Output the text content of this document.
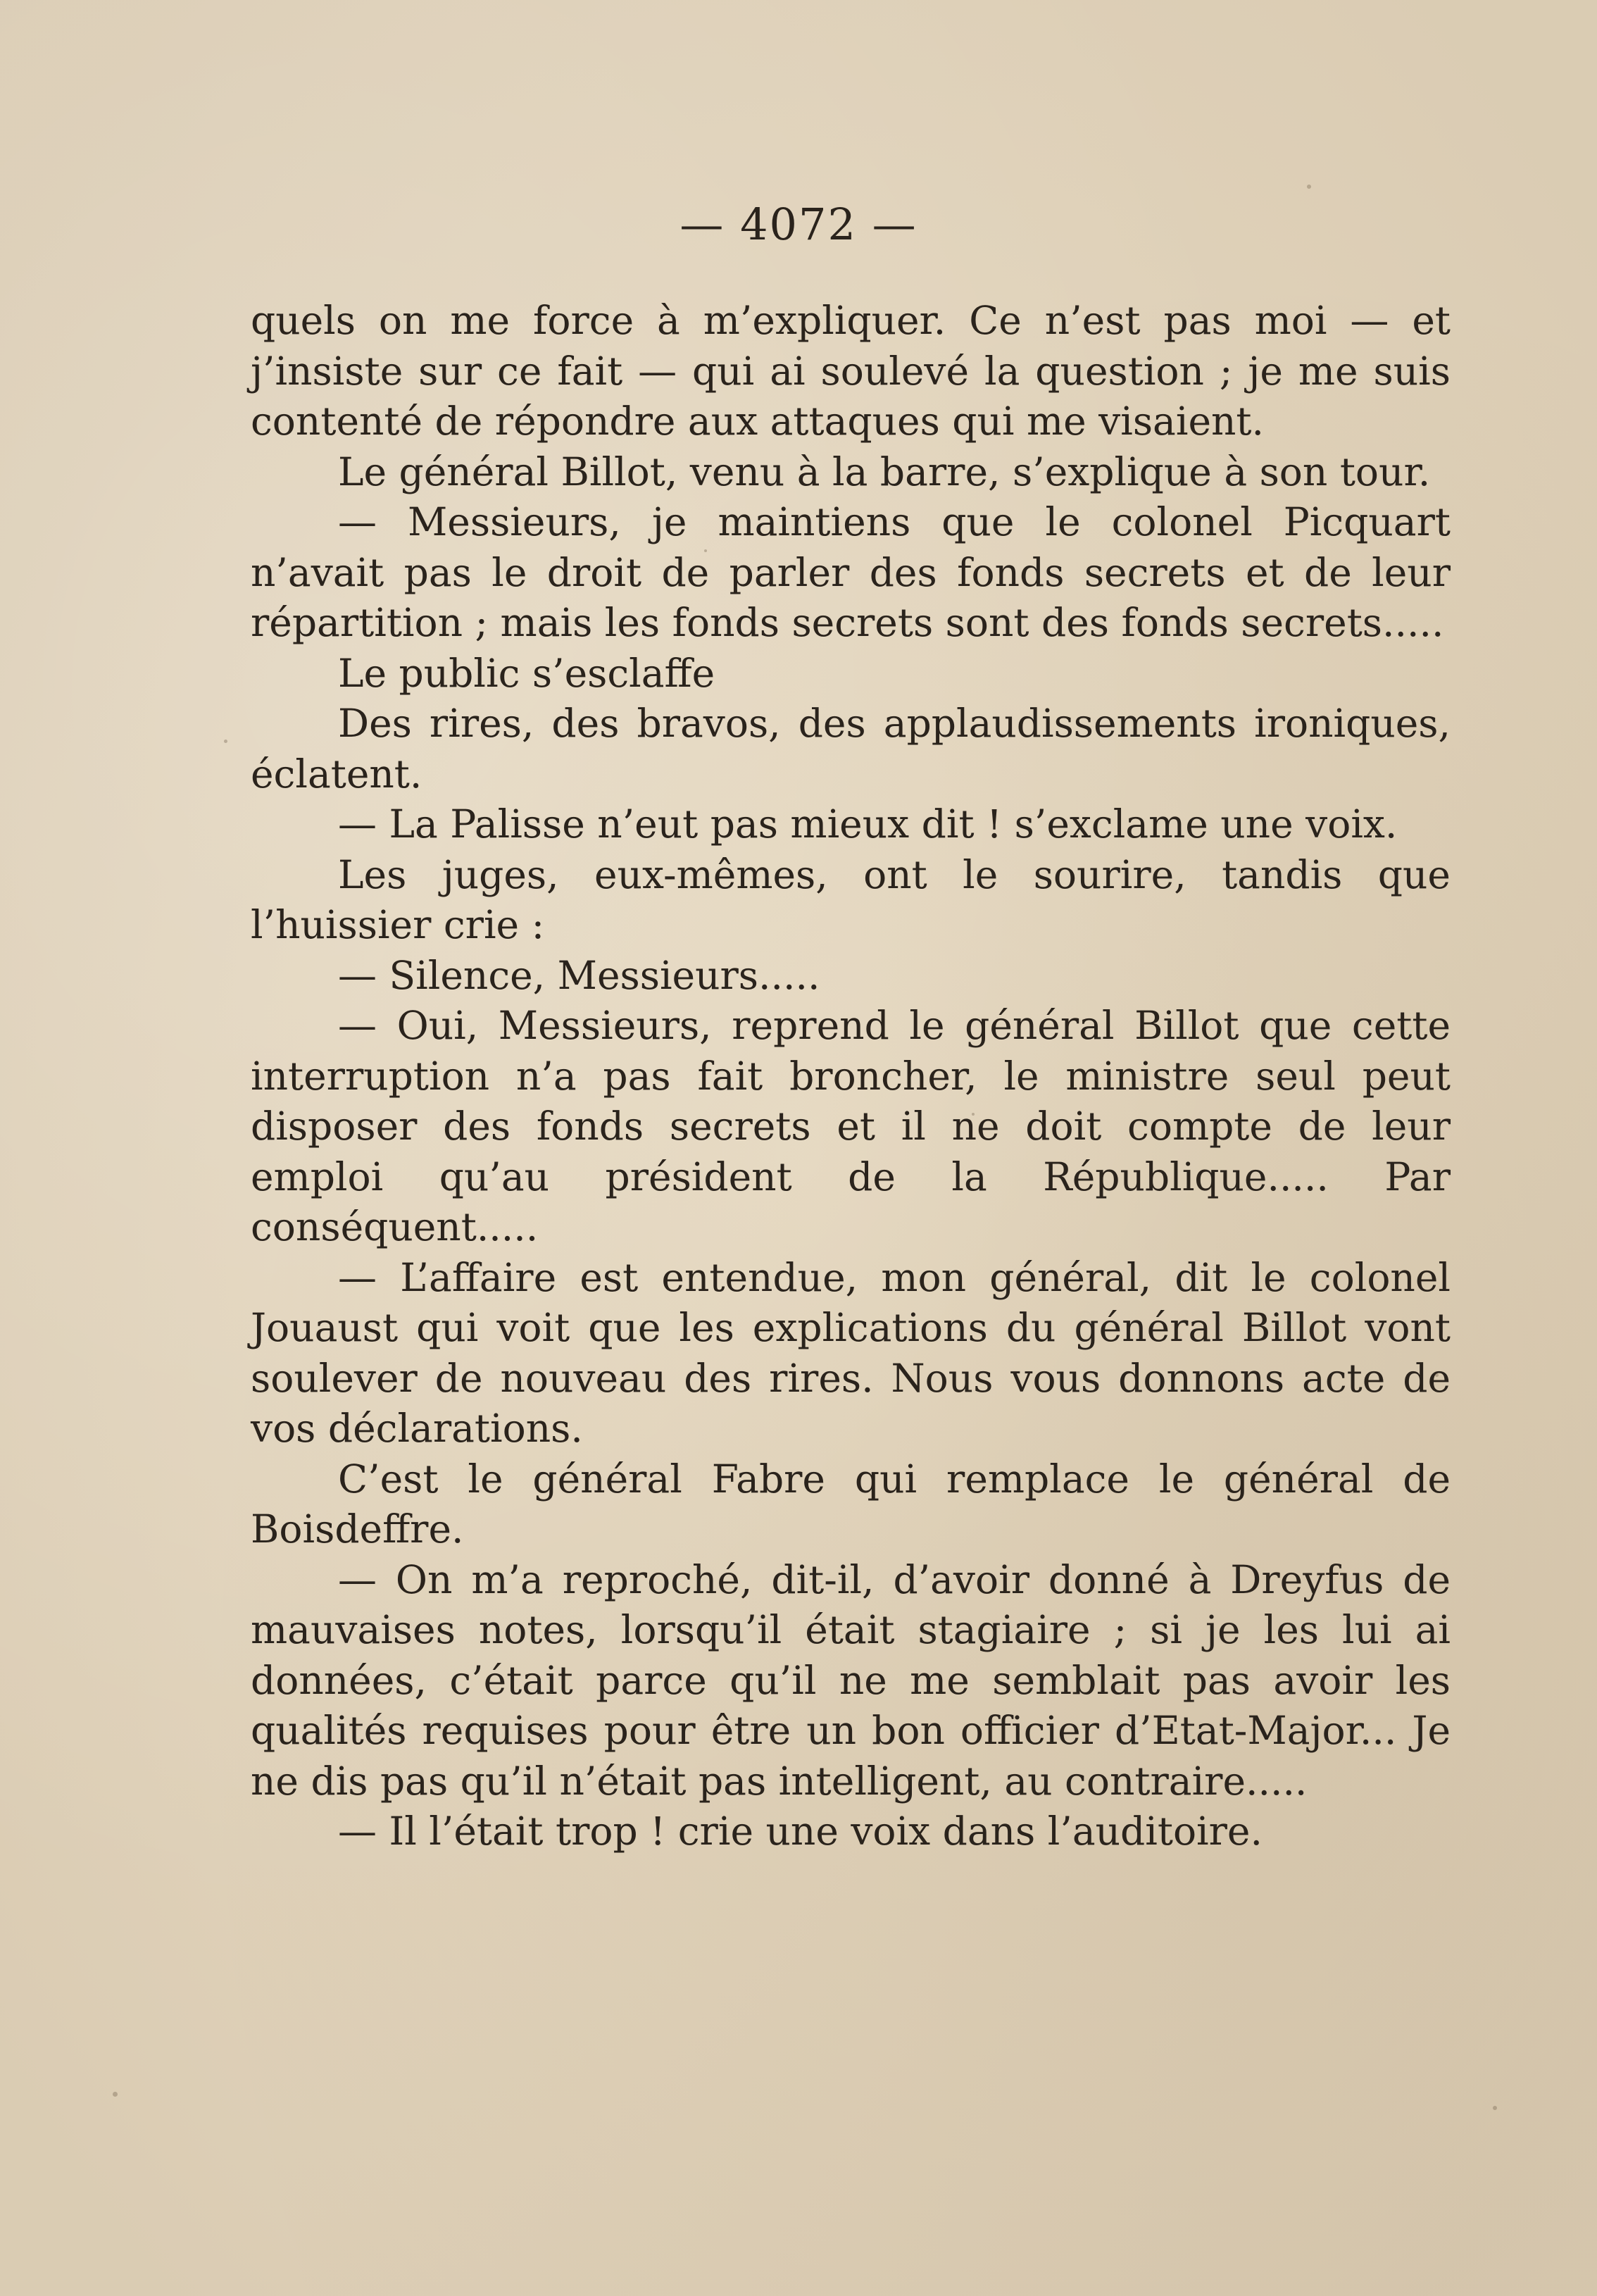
— 4072 —

quels on me force à m’expliquer. Ce n’est pas moi — et j’insiste sur ce fait — qui ai soulevé la question ; je me suis contenté de répondre aux attaques qui me visaient.

Le général Billot, venu à la barre, s’explique à son tour.

— Messieurs, je maintiens que le colonel Picquart n’avait pas le droit de parler des fonds secrets et de leur répartition ; mais les fonds secrets sont des fonds secrets.....

Le public s’esclaffe

Des rires, des bravos, des applaudissements ironiques, éclatent.

— La Palisse n’eut pas mieux dit ! s’exclame une voix.

Les juges, eux-mêmes, ont le sourire, tandis que l’huissier crie :

— Silence, Messieurs.....

— Oui, Messieurs, reprend le général Billot que cette interruption n’a pas fait broncher, le ministre seul peut disposer des fonds secrets et il ne doit compte de leur emploi qu’au président de la République..... Par conséquent.....

— L’affaire est entendue, mon général, dit le colonel Jouaust qui voit que les explications du général Billot vont soulever de nouveau des rires. Nous vous donnons acte de vos déclarations.

C’est le général Fabre qui remplace le général de Boisdeffre.

— On m’a reproché, dit-il, d’avoir donné à Dreyfus de mauvaises notes, lorsqu’il était stagiaire ; si je les lui ai données, c’était parce qu’il ne me semblait pas avoir les qualités requises pour être un bon officier d’Etat-Major... Je ne dis pas qu’il n’était pas intelligent, au contraire.....

— Il l’était trop ! crie une voix dans l’auditoire.
